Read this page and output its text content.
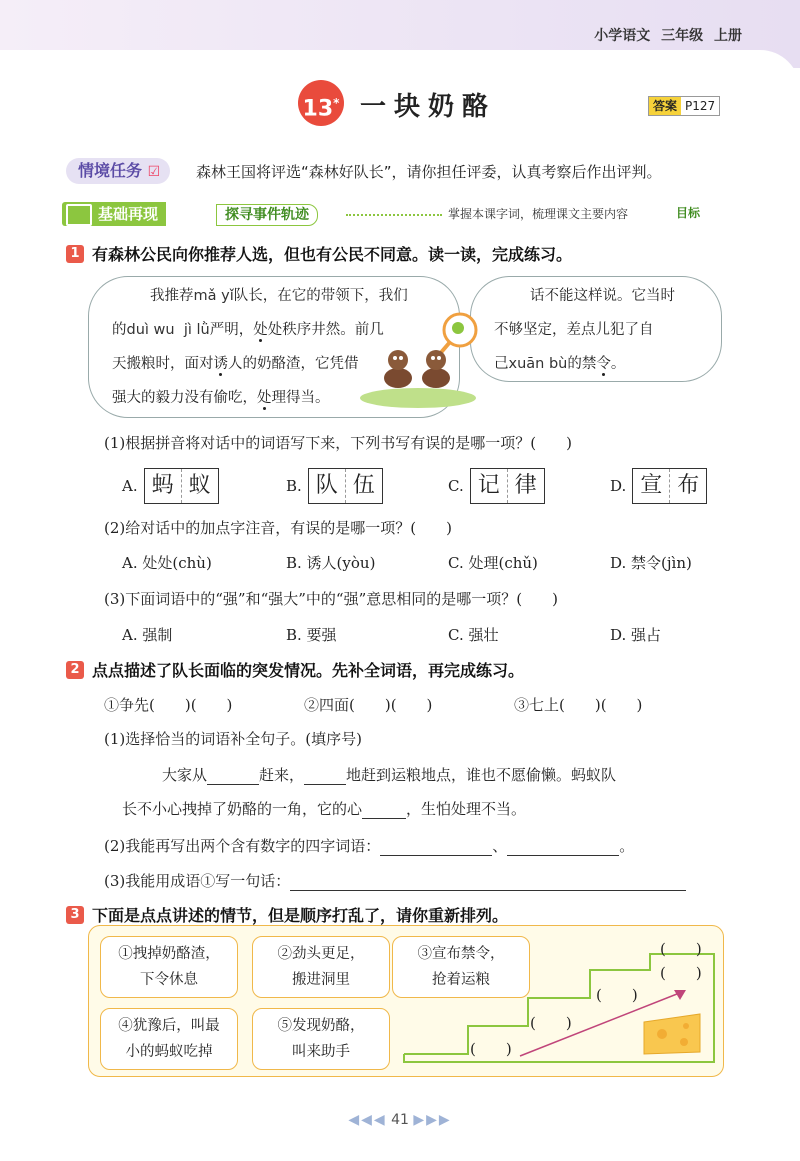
小学语文 三年级 上册
13* 一块奶酪	答案 P127
情境任务 ☑	森林王国将评选“森林好队长”，请你担任评委，认真考察后作出评判。
基础再现	探寻事件轨迹	掌握本课字词，梳理课文主要内容	目标
1 有森林公民向你推荐人选，但也有公民不同意。读一读，完成练习。
我推荐mǎ yǐ队长，在它的带领下，我们
的duì wu jì lǜ严明，处处秩序井然。前几
天搬粮时，面对诱人的奶酪渣，它凭借
强大的毅力没有偷吃，处理得当。
话不能这样说。它当时
不够坚定，差点儿犯了自
己xuān bù的禁令。
(1)根据拼音将对话中的词语写下来，下列书写有误的是哪一项？(　　)
A. 蚂 蚁	B. 队 伍	C. 记 律	D. 宣 布
(2)给对话中的加点字注音，有误的是哪一项？(　　)
A. 处处(chù)	B. 诱人(yòu)	C. 处理(chǔ)	D. 禁令(jìn)
(3)下面词语中的“强”和“强大”中的“强”意思相同的是哪一项？(　　)
A. 强制	B. 要强	C. 强壮	D. 强占
2 点点描述了队长面临的突发情况。先补全词语，再完成练习。
①争先(　　)(　　)	②四面(　　)(　　)	③七上(　　)(　　)
(1)选择恰当的词语补全句子。(填序号)
大家从	赶来，	地赶到运粮地点，谁也不愿偷懒。蚂蚁队
长不小心拽掉了奶酪的一角，它的心	，生怕处理不当。
(2)我能再写出两个含有数字的四字词语：	、	。
(3)我能用成语①写一句话：
3 下面是点点讲述的情节，但是顺序打乱了，请你重新排列。
①拽掉奶酪渣，
下令休息
②劲头更足，
搬进洞里
③宣布禁令，
抢着运粮
④犹豫后，叫最
小的蚂蚁吃掉
⑤发现奶酪，
叫来助手	(　　)
(　　)
(　　)
(　　)
(　　)
◀◀◀ 41 ▶▶▶
